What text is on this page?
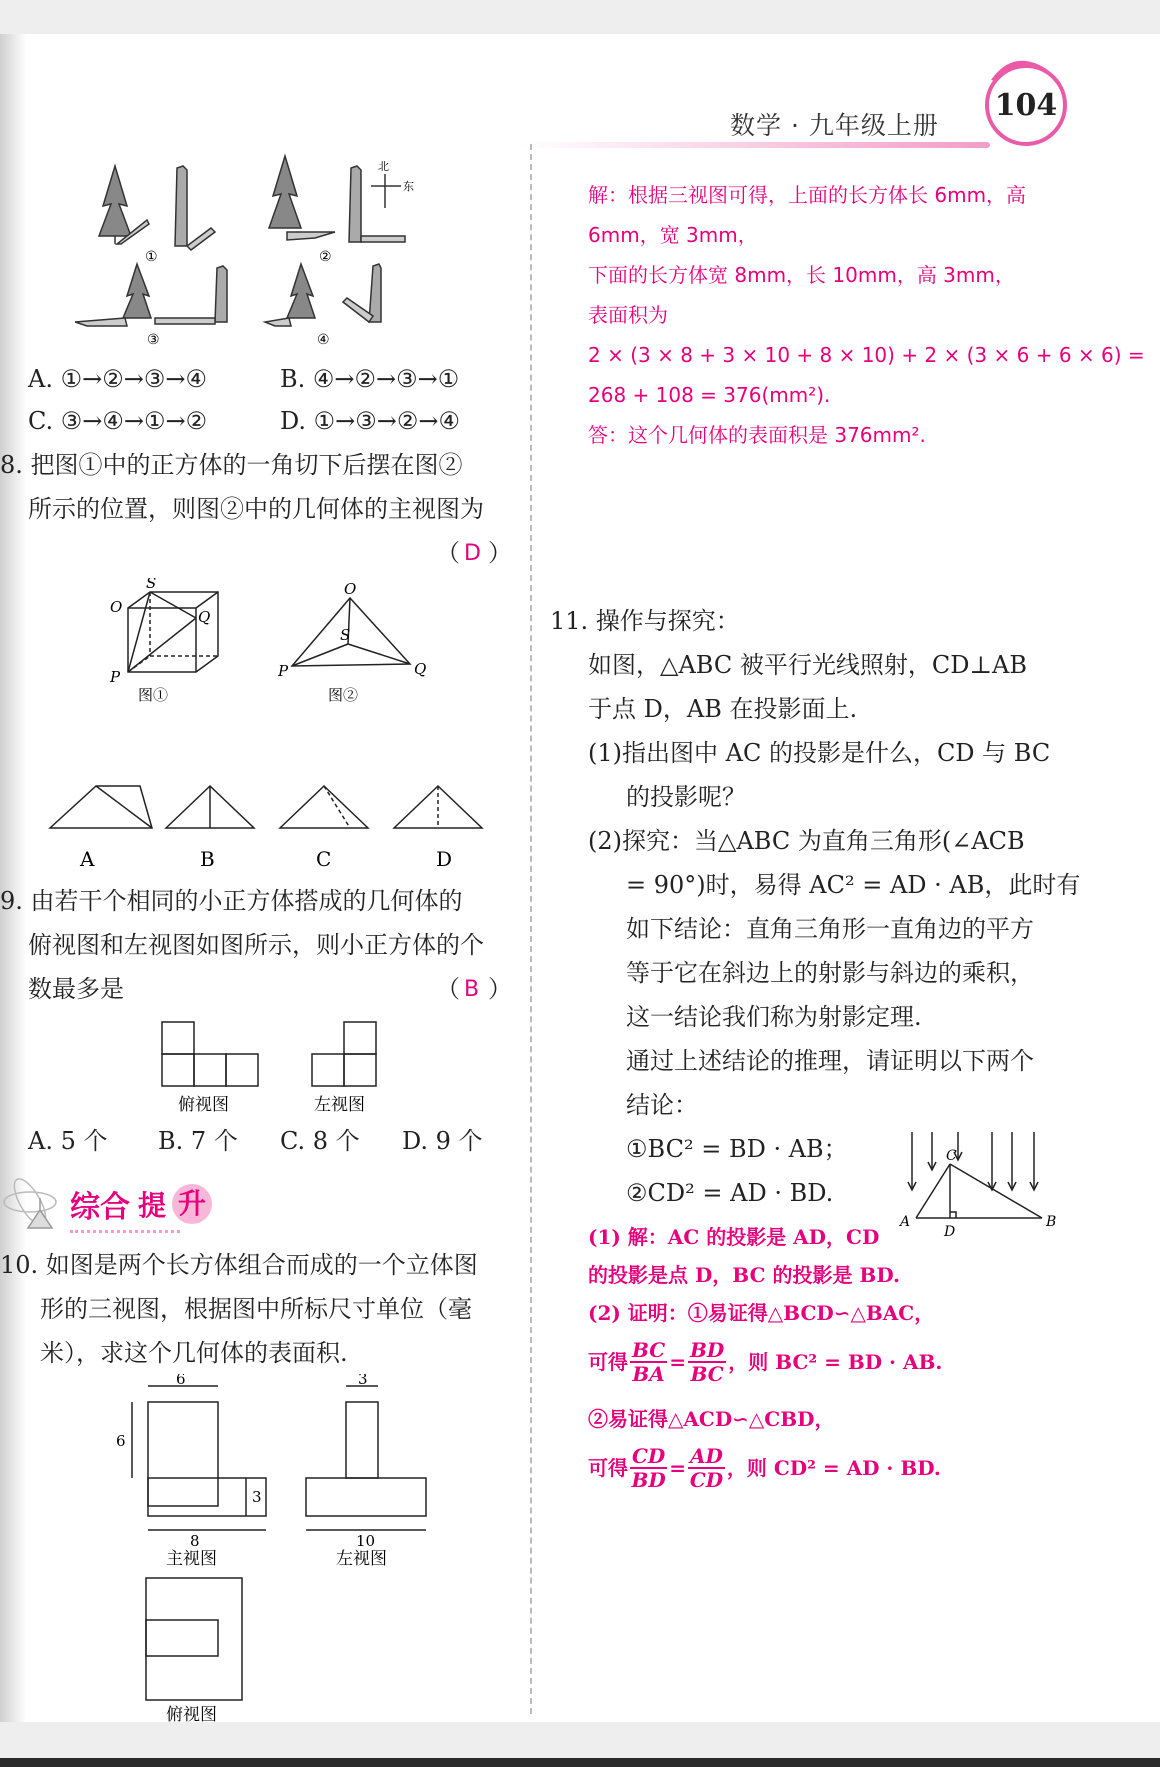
104
数学 · 九年级上册
①
北
东
②
③	④
A. ①→②→③→④	B. ④→②→③→①
C. ③→④→①→②	D. ①→③→②→④
8. 把图①中的正方体的一角切下后摆在图②
所示的位置，则图②中的几何体的主视图为
（ D ）
S
O
Q
P
图①
O
S
P	Q
图②
A	B	C	D
9. 由若干个相同的小正方体搭成的几何体的
俯视图和左视图如图所示，则小正方体的个
数最多是	（ B ）
俯视图	左视图
A. 5 个 B. 7 个 C. 8 个 D. 9 个
综合 提 升
10. 如图是两个长方体组合而成的一个立体图
形的三视图，根据图中所标尺寸单位（毫
米），求这个几何体的表面积.
6
6
3
8
3
10
主视图	左视图
俯视图
解：根据三视图可得，上面的长方体长 6mm，高
6mm，宽 3mm，
下面的长方体宽 8mm，长 10mm，高 3mm，
表面积为
2 × (3 × 8 + 3 × 10 + 8 × 10) + 2 × (3 × 6 + 6 × 6) =
268 + 108 = 376(mm²).
答：这个几何体的表面积是 376mm².
11. 操作与探究：
如图，△ABC 被平行光线照射，CD⊥AB
于点 D，AB 在投影面上.
(1)指出图中 AC 的投影是什么，CD 与 BC
的投影呢？
(2)探究：当△ABC 为直角三角形(∠ACB
= 90°)时，易得 AC² = AD · AB，此时有
如下结论：直角三角形一直角边的平方
等于它在斜边上的射影与斜边的乘积，
这一结论我们称为射影定理.
通过上述结论的推理，请证明以下两个
结论：
①BC² = BD · AB；
②CD² = AD · BD.
C
A
D
B
(1) 解：AC 的投影是 AD，CD
的投影是点 D，BC 的投影是 BD.
(2) 证明：①易证得△BCD∽△BAC，
可得 $\frac{BC}{BA} = \frac{BD}{BC}$ ，则 BC² = BD · AB.
②易证得△ACD∽△CBD，
可得 $\frac{CD}{BD} = \frac{AD}{CD}$ ，则 CD² = AD · BD.
